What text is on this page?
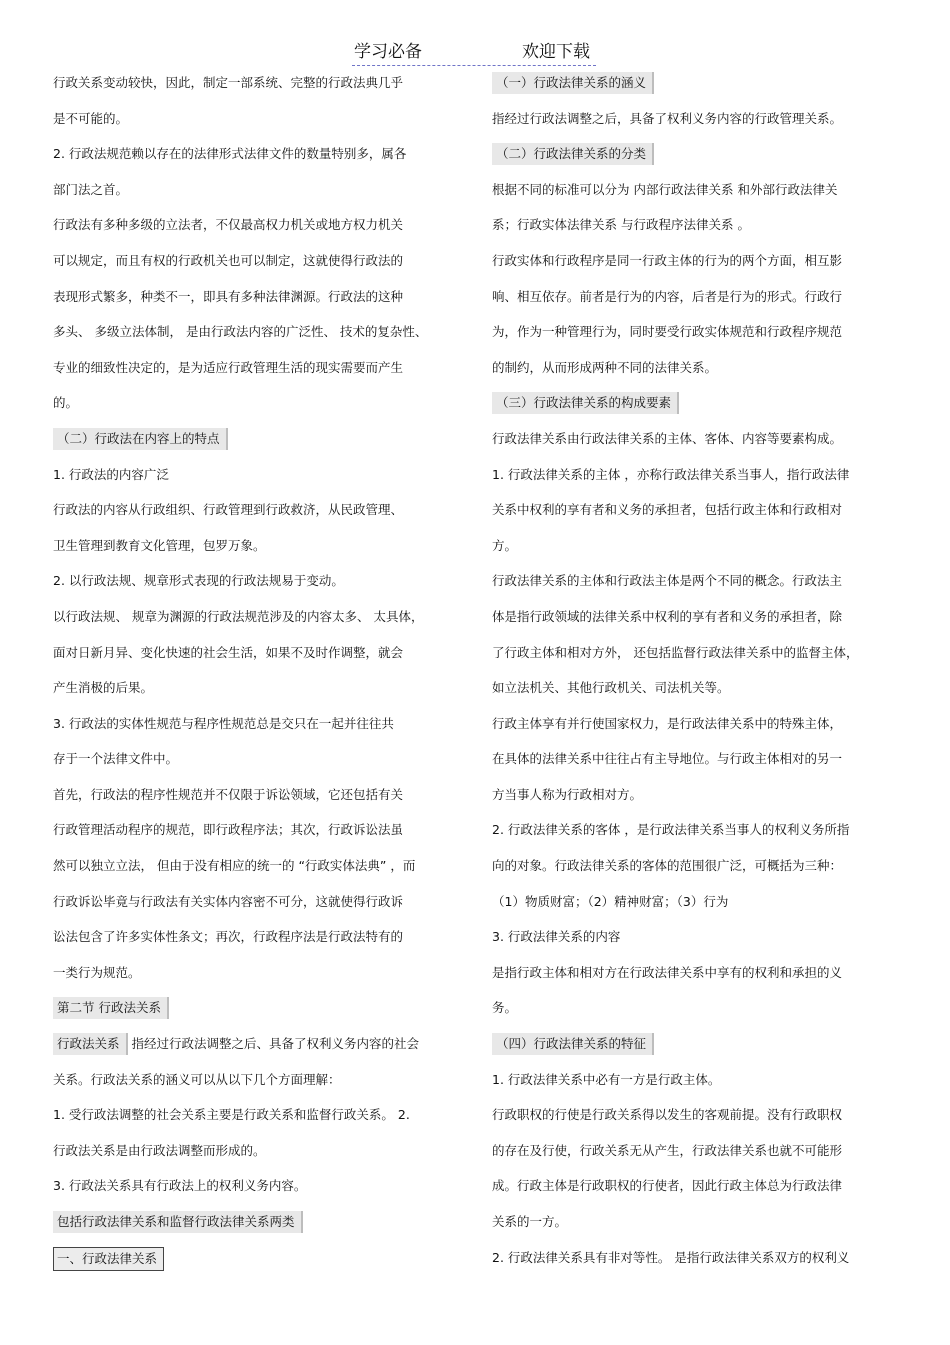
学习必备	欢迎下载
行政关系变动较快，因此，制定一部系统、完整的行政法典几乎
是不可能的。
2. 行政法规范赖以存在的法律形式法律文件的数量特别多，属各
部门法之首。
行政法有多种多级的立法者，不仅最高权力机关或地方权力机关
可以规定，而且有权的行政机关也可以制定，这就使得行政法的
表现形式繁多，种类不一，即具有多种法律渊源。行政法的这种
多头、 多级立法体制， 是由行政法内容的广泛性、 技术的复杂性、
专业的细致性决定的，是为适应行政管理生活的现实需要而产生
的。
（二）行政法在内容上的特点
1. 行政法的内容广泛
行政法的内容从行政组织、行政管理到行政救济，从民政管理、
卫生管理到教育文化管理，包罗万象。
2. 以行政法规、规章形式表现的行政法规易于变动。
以行政法规、 规章为渊源的行政法规范涉及的内容太多、 太具体，
面对日新月异、变化快速的社会生活，如果不及时作调整，就会
产生消极的后果。
3. 行政法的实体性规范与程序性规范总是交只在一起并往往共
存于一个法律文件中。
首先，行政法的程序性规范并不仅限于诉讼领域，它还包括有关
行政管理活动程序的规范，即行政程序法；其次，行政诉讼法虽
然可以独立立法， 但由于没有相应的统一的 “行政实体法典” ，而
行政诉讼毕竟与行政法有关实体内容密不可分，这就使得行政诉
讼法包含了许多实体性条文；再次，行政程序法是行政法特有的
一类行为规范。
第二节 行政法关系
行政法关系 指经过行政法调整之后、具备了权利义务内容的社会
关系。行政法关系的涵义可以从以下几个方面理解：
1. 受行政法调整的社会关系主要是行政关系和监督行政关系。 2.
行政法关系是由行政法调整而形成的。
3. 行政法关系具有行政法上的权利义务内容。
包括行政法律关系和监督行政法律关系两类
一、行政法律关系
（一）行政法律关系的涵义
指经过行政法调整之后，具备了权利义务内容的行政管理关系。
（二）行政法律关系的分类
根据不同的标准可以分为 内部行政法律关系 和外部行政法律关
系；行政实体法律关系 与行政程序法律关系 。
行政实体和行政程序是同一行政主体的行为的两个方面，相互影
响、相互依存。前者是行为的内容，后者是行为的形式。行政行
为，作为一种管理行为，同时要受行政实体规范和行政程序规范
的制约，从而形成两种不同的法律关系。
（三）行政法律关系的构成要素
行政法律关系由行政法律关系的主体、客体、内容等要素构成。
1. 行政法律关系的主体 ，亦称行政法律关系当事人，指行政法律
关系中权利的享有者和义务的承担者，包括行政主体和行政相对
方。
行政法律关系的主体和行政法主体是两个不同的概念。行政法主
体是指行政领域的法律关系中权利的享有者和义务的承担者，除
了行政主体和相对方外， 还包括监督行政法律关系中的监督主体，
如立法机关、其他行政机关、司法机关等。
行政主体享有并行使国家权力，是行政法律关系中的特殊主体，
在具体的法律关系中往往占有主导地位。与行政主体相对的另一
方当事人称为行政相对方。
2. 行政法律关系的客体 ，是行政法律关系当事人的权利义务所指
向的对象。行政法律关系的客体的范围很广泛，可概括为三种：
（1）物质财富；（2）精神财富；（3）行为
3. 行政法律关系的内容
是指行政主体和相对方在行政法律关系中享有的权利和承担的义
务。
（四）行政法律关系的特征
1. 行政法律关系中必有一方是行政主体。
行政职权的行使是行政关系得以发生的客观前提。没有行政职权
的存在及行使，行政关系无从产生，行政法律关系也就不可能形
成。行政主体是行政职权的行使者，因此行政主体总为行政法律
关系的一方。
2. 行政法律关系具有非对等性。 是指行政法律关系双方的权利义
